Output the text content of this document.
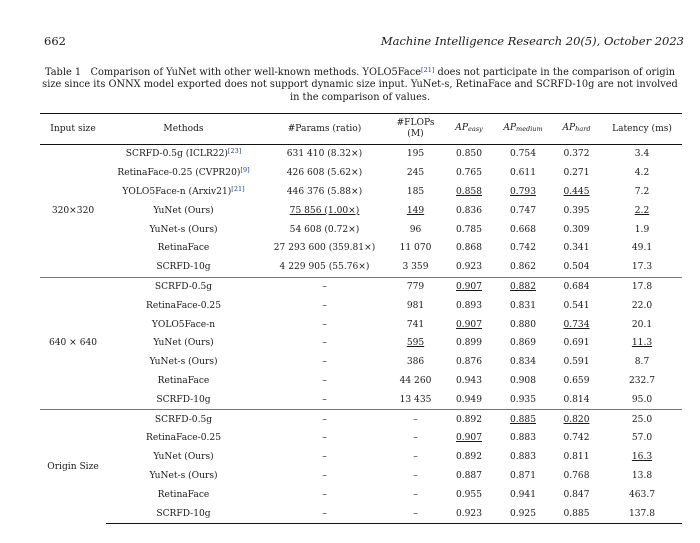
662	Machine Intelligence Research 20(5), October 2023
Table 1 Comparison of YuNet with other well-known methods. YOLO5Face[21] does not participate in the comparison of origin size since its ONNX model exported does not support dynamic size input. YuNet-s, RetinaFace and SCRFD-10g are not involved in the comparison of values.
Input size	Methods	#Params (ratio)	#FLOPs (M)	$AP_{easy}$	$AP_{medium}$	$AP_{hard}$	Latency (ms)
320×320	SCRFD-0.5g (ICLR22)[23]	631 410 (8.32×)	195	0.850	0.754	0.372	3.4
	RetinaFace-0.25 (CVPR20)[9]	426 608 (5.62×)	245	0.765	0.611	0.271	4.2
	YOLO5Face-n (Arxiv21)[21]	446 376 (5.88×)	185	0.858	0.793	0.445	7.2
	YuNet (Ours)	75 856 (1.00×)	149	0.836	0.747	0.395	2.2
	YuNet-s (Ours)	54 608 (0.72×)	96	0.785	0.668	0.309	1.9
	RetinaFace	27 293 600 (359.81×)	11 070	0.868	0.742	0.341	49.1
	SCRFD-10g	4 229 905 (55.76×)	3 359	0.923	0.862	0.504	17.3
640 × 640	SCRFD-0.5g	–	779	0.907	0.882	0.684	17.8
	RetinaFace-0.25	–	981	0.893	0.831	0.541	22.0
	YOLO5Face-n	–	741	0.907	0.880	0.734	20.1
	YuNet (Ours)	–	595	0.899	0.869	0.691	11.3
	YuNet-s (Ours)	–	386	0.876	0.834	0.591	8.7
	RetinaFace	–	44 260	0.943	0.908	0.659	232.7
	SCRFD-10g	–	13 435	0.949	0.935	0.814	95.0
Origin Size	SCRFD-0.5g	–	–	0.892	0.885	0.820	25.0
	RetinaFace-0.25	–	–	0.907	0.883	0.742	57.0
	YuNet (Ours)	–	–	0.892	0.883	0.811	16.3
	YuNet-s (Ours)	–	–	0.887	0.871	0.768	13.8
	RetinaFace	–	–	0.955	0.941	0.847	463.7
	SCRFD-10g	–	–	0.923	0.925	0.885	137.8
